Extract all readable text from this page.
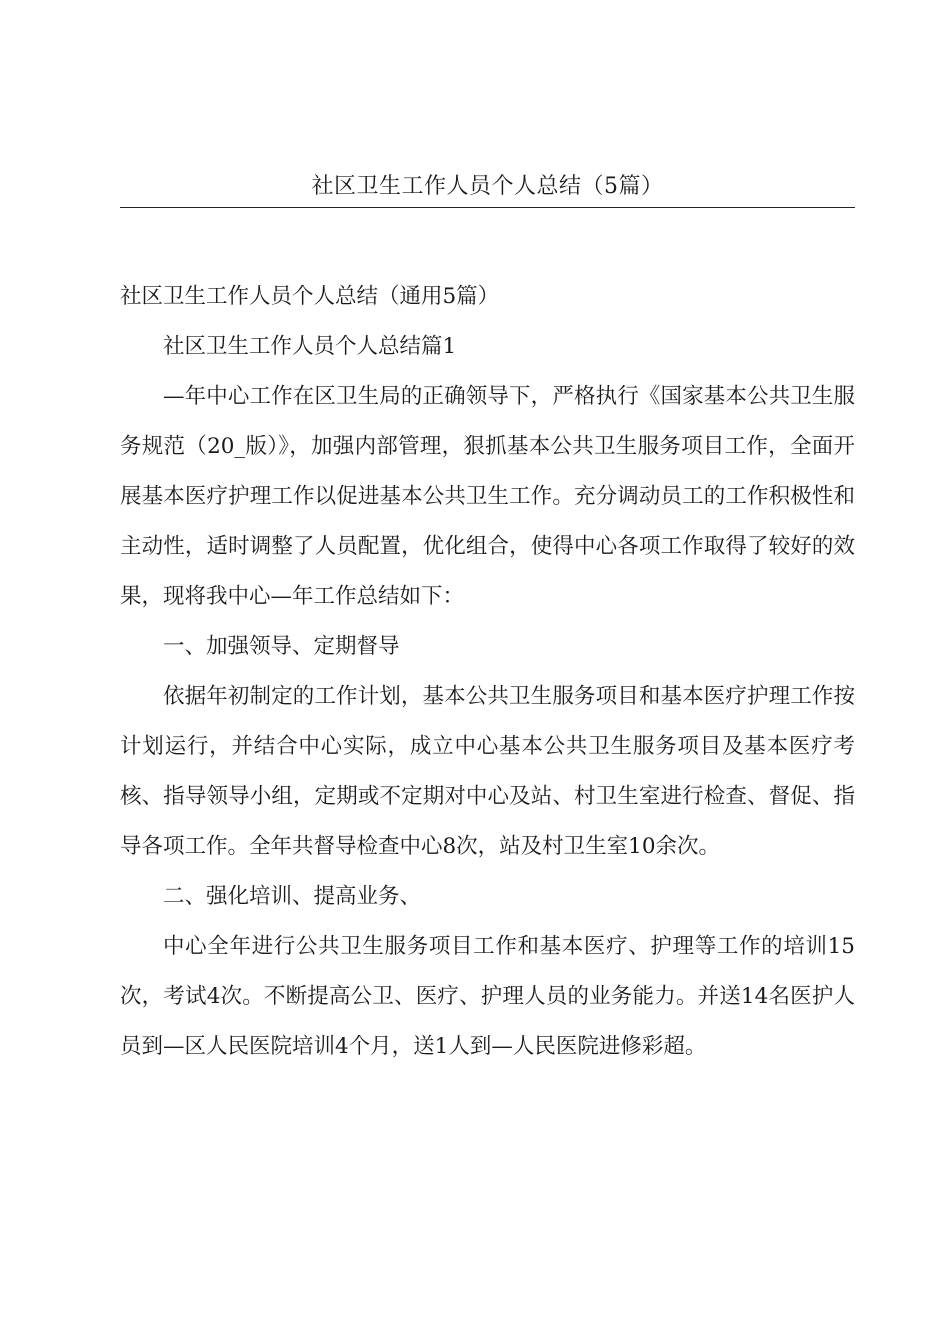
社区卫生工作人员个人总结（5篇）

社区卫生工作人员个人总结（通用5篇）

社区卫生工作人员个人总结篇1

—年中心工作在区卫生局的正确领导下，严格执行《国家基本公共卫生服务规范（20_版）》，加强内部管理，狠抓基本公共卫生服务项目工作，全面开展基本医疗护理工作以促进基本公共卫生工作。充分调动员工的工作积极性和主动性，适时调整了人员配置，优化组合，使得中心各项工作取得了较好的效果，现将我中心—年工作总结如下：

一、加强领导、定期督导

依据年初制定的工作计划，基本公共卫生服务项目和基本医疗护理工作按计划运行，并结合中心实际，成立中心基本公共卫生服务项目及基本医疗考核、指导领导小组，定期或不定期对中心及站、村卫生室进行检查、督促、指导各项工作。全年共督导检查中心8次，站及村卫生室10余次。

二、强化培训、提高业务、

中心全年进行公共卫生服务项目工作和基本医疗、护理等工作的培训15次，考试4次。不断提高公卫、医疗、护理人员的业务能力。并送14名医护人员到—区人民医院培训4个月，送1人到—人民医院进修彩超。
